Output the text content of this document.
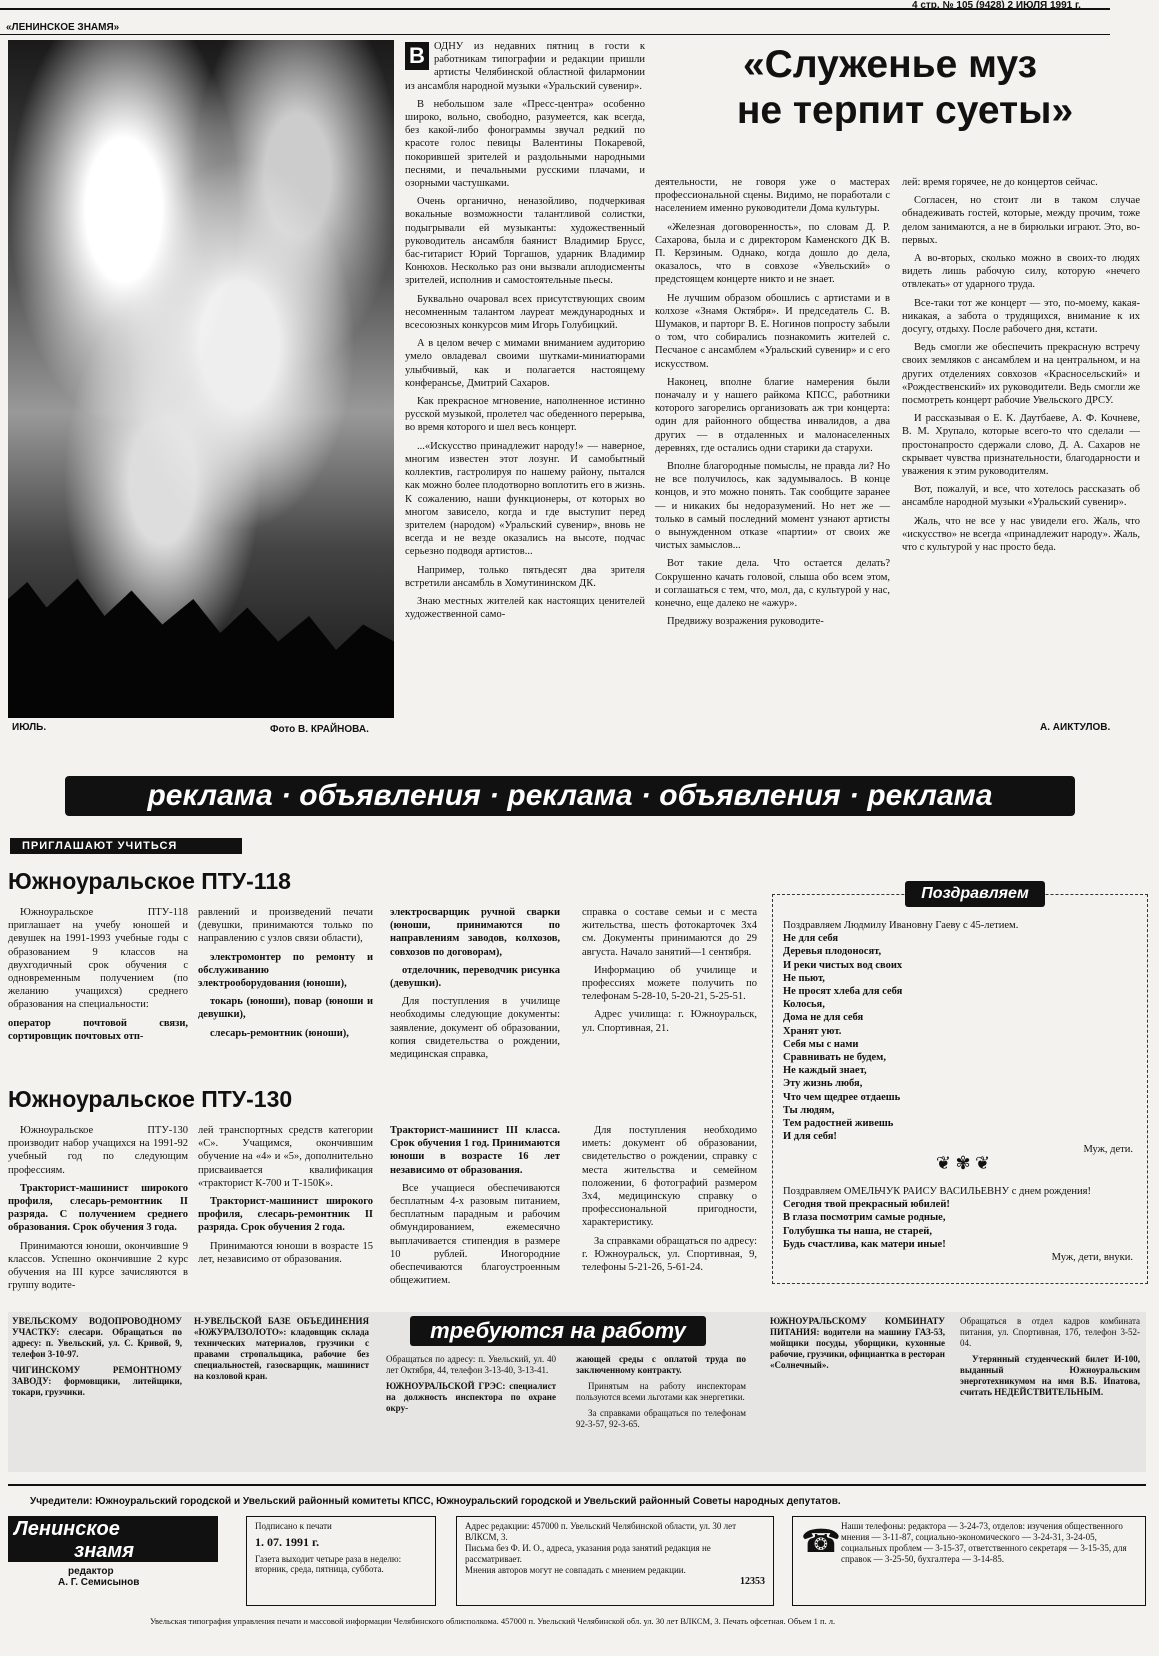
4 стр. № 105 (9428) 2 ИЮЛЯ 1991 г.
«ЛЕНИНСКОЕ ЗНАМЯ»
ИЮЛЬ.	Фото В. КРАЙНОВА.
«Служенье муз
не терпит суеты»
В ОДНУ из недавних пятниц в гости к работникам типографии и редакции пришли артисты Челябинской областной филармонии из ансамбля народной музыки «Уральский сувенир».

В небольшом зале «Пресс-центра» особенно широко, вольно, свободно, разумеется, как всегда, без какой-либо фонограммы звучал редкий по красоте голос певицы Валентины Покаревой, покорившей зрителей и раздольными народными песнями, и печальными русскими плачами, и озорными частушками.

Очень органично, неназойливо, подчеркивая вокальные возможности талантливой солистки, подыгрывали ей музыканты: художественный руководитель ансамбля баянист Владимир Бруcс, бас-гитарист Юрий Торгашов, ударник Владимир Конюхов. Несколько раз они вызвали аплодисменты зрителей, исполнив и самостоятельные пьесы.

Буквально очаровал всех присутствующих своим несомненным талантом лауреат международных и всесоюзных конкурсов мим Игорь Голубицкий.

А в целом вечер с мимами вниманием аудиторию умело овладевал своими шутками-миниатюрами улыбчивый, как и полагается настоящему конферансье, Дмитрий Сахаров.

Как прекрасное мгновение, наполненное истинно русской музыкой, пролетел час обеденного перерыва, во время которого и шел весь концерт.

...«Искусство принадлежит народу!» — наверное, многим известен этот лозунг. И самобытный коллектив, гастролируя по нашему району, пытался как можно более плодотворно воплотить его в жизнь. К сожалению, наши функционеры, от которых во многом зависело, когда и где выступит перед зрителем (народом) «Уральский сувенир», вновь не всегда и не везде оказались на высоте, подчас серьезно подводя артистов...

Например, только пятьдесят два зрителя встретили ансамбль в Хомутининском ДК.

Знаю местных жителей как настоящих ценителей художественной само-

деятельности, не говоря уже о мастерах профессиональной сцены. Видимо, не поработали с населением именно руководители Дома культуры.

«Железная договоренность», по словам Д. Р. Сахарова, была и с директором Каменского ДК В. П. Керзиным. Однако, когда дошло до дела, оказалось, что в совхозе «Увельский» о предстоящем концерте никто и не знает.

Не лучшим образом обошлись с артистами и в колхозе «Знамя Октября». И председатель С. В. Шумаков, и парторг В. Е. Ногинов попросту забыли о том, что собирались познакомить жителей с. Песчаное с ансамблем «Уральский сувенир» и с его искусством.

Наконец, вполне благие намерения были поначалу и у нашего райкома КПСС, работники которого загорелись организовать аж три концерта: один для районного общества инвалидов, а два других — в отдаленных и малонаселенных деревнях, где остались одни старики да старухи.

Вполне благородные помыслы, не правда ли? Но не все получилось, как задумывалось. В конце концов, и это можно понять. Так сообщите заранее — и никаких бы недоразумений. Но нет же — только в самый последний момент узнают артисты о вынужденном отказе «партии» от своих же чистых замыслов...

Вот такие дела. Что остается делать? Сокрушенно качать головой, слыша обо всем этом, и соглашаться с тем, что, мол, да, с культурой у нас, конечно, еще далеко не «ажур».

Предвижу возражения руководите-

лей: время горячее, не до концертов сейчас.

Согласен, но стоит ли в таком случае обнадеживать гостей, которые, между прочим, тоже делом занимаются, а не в бирюльки играют. Это, во-первых.

А во-вторых, сколько можно в своих-то людях видеть лишь рабочую силу, которую «нечего отвлекать» от ударного труда.

Все-таки тот же концерт — это, по-моему, какая-никакая, а забота о трудящихся, внимание к их досугу, отдыху. После рабочего дня, кстати.

Ведь смогли же обеспечить прекрасную встречу своих земляков с ансамблем и на центральном, и на других отделениях совхозов «Красносельский» и «Рождественский» их руководители. Ведь смогли же посмотреть концерт рабочие Увельского ДРСУ.

И рассказывая о Е. К. Даутбаеве, А. Ф. Кочневе, В. М. Хрупало, которые всего-то что сделали — простонапросто сдержали слово, Д. А. Сахаров не скрывает чувства признательности, благодарности и уважения к этим руководителям.

Вот, пожалуй, и все, что хотелось рассказать об ансамбле народной музыки «Уральский сувенир».

Жаль, что не все у нас увидели его. Жаль, что «искусство» не всегда «принадлежит народу». Жаль, что с культурой у нас просто беда.

А. АИКТУЛОВ.
реклама · объявления · реклама · объявления · реклама
ПРИГЛАШАЮТ УЧИТЬСЯ
Южноуральское ПТУ-118

Южноуральское ПТУ-118 приглашает на учебу юношей и девушек на 1991-1993 учебные годы с образованием 9 классов на двухгодичный срок обучения с одновременным получением (по желанию учащихся) среднего образования на специальности:

оператор почтовой связи, сортировщик почтовых отп-

равлений и произведений печати (девушки, принимаются только по направлению с узлов связи области),

электромонтер по ремонту и обслуживанию электрооборудования (юноши),

токарь (юноши), повар (юноши и девушки),

слесарь-ремонтник (юноши),

электросварщик ручной сварки (юноши, принимаются по направлениям заводов, колхозов, совхозов по договорам),

отделочник, переводчик рисунка (девушки).

Для поступления в училище необходимы следующие документы: заявление, документ об образовании, копия свидетельства о рождении, медицинская справка,

справка о составе семьи и с места жительства, шесть фотокарточек 3х4 см. Документы принимаются до 29 августа. Начало занятий—1 сентября.

Информацию об училище и профессиях можете получить по телефонам 5-28-10, 5-20-21, 5-25-51.

Адрес училища: г. Южноуральск, ул. Спортивная, 21.

Южноуральское ПТУ-130

Южноуральское ПТУ-130 производит набор учащихся на 1991-92 учебный год по следующим профессиям.

Тракторист-машинист широкого профиля, слесарь-ремонтник II разряда. С получением среднего образования. Срок обучения 3 года.

Принимаются юноши, окончившие 9 классов. Успешно окончившие 2 курс обучения на III курсе зачисляются в группу водите-

лей транспортных средств категории «С». Учащимся, окончившим обучение на «4» и «5», дополнительно присваивается квалификация «тракторист К-700 и Т-150К».

Тракторист-машинист широкого профиля, слесарь-ремонтник II разряда. Срок обучения 2 года.

Принимаются юноши в возрасте 15 лет, независимо от образования.

Тракторист-машинист III класса. Срок обучения 1 год. Принимаются юноши в возрасте 16 лет независимо от образования.

Все учащиеся обеспечиваются бесплатным 4-х разовым питанием, бесплатным парадным и рабочим обмундированием, ежемесячно выплачивается стипендия в размере 10 рублей. Иногородние обеспечиваются благоустроенным общежитием.

Для поступления необходимо иметь: документ об образовании, свидетельство о рождении, справку с места жительства и семейном положении, 6 фотографий размером 3х4, медицинскую справку о профессиональной пригодности, характеристику.

За справками обращаться по адресу: г. Южноуральск, ул. Спортивная, 9, телефоны 5-21-26, 5-61-24.

Поздравляем
Поздравляем Людмилу Ивановну Гаеву с 45-летием.
Не для себя
Деревья плодоносят,
И реки чистых вод своих
Не пьют,
Не просят хлеба для себя
Колосья,
Дома не для себя
Хранят уют.
Себя мы с нами
Сравнивать не будем,
Не каждый знает,
Эту жизнь любя,
Что чем щедрее отдаешь
Ты людям,
Тем радостней живешь
И для себя!
Муж, дети.
❦ ✾ ❦
Поздравляем ОМЕЛЬЧУК РАИСУ ВАСИЛЬЕВНУ с днем рождения!
Сегодня твой прекрасный юбилей!
В глаза посмотрим самые родные,
Голубушка ты наша, не старей,
Будь счастлива, как матери иные!
Муж, дети, внуки.
требуются на работу

УВЕЛЬСКОМУ ВОДОПРОВОДНОМУ УЧАСТКУ: слесари. Обращаться по адресу: п. Увельский, ул. С. Кривой, 9, телефон 3-10-97.

ЧИГИНСКОМУ РЕМОНТНОМУ ЗАВОДУ: формовщики, литейщики, токари, грузчики.

Н-УВЕЛЬСКОЙ БАЗЕ ОБЪЕДИНЕНИЯ «ЮЖУРАЛЗОЛОТО»: кладовщик склада технических материалов, грузчики с правами стропальщика, рабочие без специальностей, газосварщик, машинист на козловой кран.

Обращаться по адресу: п. Увельский, ул. 40 лет Октября, 44, телефон 3-13-40, 3-13-41.

ЮЖНОУРАЛЬСКОЙ ГРЭС: специалист на должность инспектора по охране окру-

жающей среды с оплатой труда по заключенному контракту.

Принятым на работу инспекторам пользуются всеми льготами как энергетики.

За справками обращаться по телефонам 92-3-57, 92-3-65.

ЮЖНОУРАЛЬСКОМУ КОМБИНАТУ ПИТАНИЯ: водители на машину ГАЗ-53, мойщики посуды, уборщики, кухонные рабочие, грузчики, официантка в ресторан «Солнечный».

Обращаться в отдел кадров комбината питания, ул. Спортивная, 17б, телефон 3-52-04.

Утерянный студенческий билет И-100, выданный Южноуральским энерготехникумом на имя В.Б. Ипатова, считать НЕДЕЙСТВИТЕЛЬНЫМ.

Учредители: Южноуральский городской и Увельский районный комитеты КПСС, Южноуральский городской и Увельский районный Советы народных депутатов.
Ленинское
знамя
редактор
А. Г. Семисынов
Подписано к печати
1. 07. 1991 г.
Газета выходит четыре раза в неделю: вторник, среда, пятница, суббота.
Адрес редакции: 457000 п. Увельский Челябинской области, ул. 30 лет ВЛКСМ, 3.
Письма без Ф. И. О., адреса, указания рода занятий редакция не рассматривает.
Мнения авторов могут не совпадать с мнением редакции.
12353
☎ Наши телефоны: редактора — 3-24-73, отделов: изучения общественного мнения — 3-11-87, социально-экономического — 3-24-31, 3-24-05, социальных проблем — 3-15-37, ответственного секретаря — 3-15-35, для справок — 3-25-50, бухгалтера — 3-14-85.
Увельская типография управления печати и массовой информации Челябинского облисполкома. 457000 п. Увельский Челябинской обл. ул. 30 лет ВЛКСМ, 3. Печать офсетная. Объем 1 п. л.
